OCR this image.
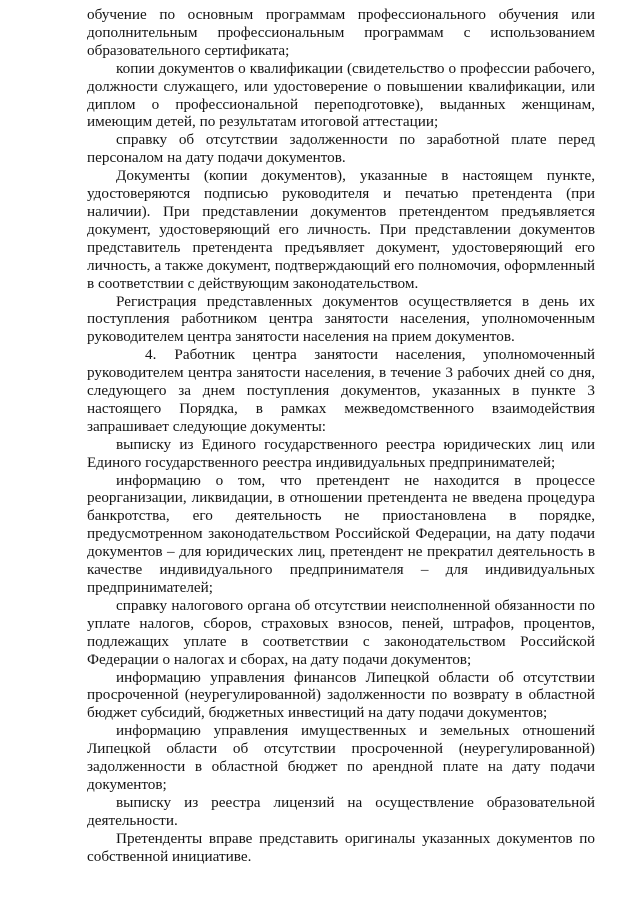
обучение по основным программам профессионального обучения или дополнительным профессиональным программам с использованием образовательного сертификата;

копии документов о квалификации (свидетельство о профессии рабочего, должности служащего, или удостоверение о повышении квалификации, или диплом о профессиональной переподготовке), выданных женщинам, имеющим детей, по результатам итоговой аттестации;

справку об отсутствии задолженности по заработной плате перед персоналом на дату подачи документов.

Документы (копии документов), указанные в настоящем пункте, удостоверяются подписью руководителя и печатью претендента (при наличии). При представлении документов претендентом предъявляется документ, удостоверяющий его личность. При представлении документов представитель претендента предъявляет документ, удостоверяющий его личность, а также документ, подтверждающий его полномочия, оформленный в соответствии с действующим законодательством.

Регистрация представленных документов осуществляется в день их поступления работником центра занятости населения, уполномоченным руководителем центра занятости населения на прием документов.

4. Работник центра занятости населения, уполномоченный руководителем центра занятости населения, в течение 3 рабочих дней со дня, следующего за днем поступления документов, указанных в пункте 3 настоящего Порядка, в рамках межведомственного взаимодействия запрашивает следующие документы:

выписку из Единого государственного реестра юридических лиц или Единого государственного реестра индивидуальных предпринимателей;

информацию о том, что претендент не находится в процессе реорганизации, ликвидации, в отношении претендента не введена процедура банкротства, его деятельность не приостановлена в порядке, предусмотренном законодательством Российской Федерации, на дату подачи документов – для юридических лиц, претендент не прекратил деятельность в качестве индивидуального предпринимателя – для индивидуальных предпринимателей;

справку налогового органа об отсутствии неисполненной обязанности по уплате налогов, сборов, страховых взносов, пеней, штрафов, процентов, подлежащих уплате в соответствии с законодательством Российской Федерации о налогах и сборах, на дату подачи документов;

информацию управления финансов Липецкой области об отсутствии просроченной (неурегулированной) задолженности по возврату в областной бюджет субсидий, бюджетных инвестиций на дату подачи документов;

информацию управления имущественных и земельных отношений Липецкой области об отсутствии просроченной (неурегулированной) задолженности в областной бюджет по арендной плате на дату подачи документов;

выписку из реестра лицензий на осуществление образовательной деятельности.

Претенденты вправе представить оригиналы указанных документов по собственной инициативе.
